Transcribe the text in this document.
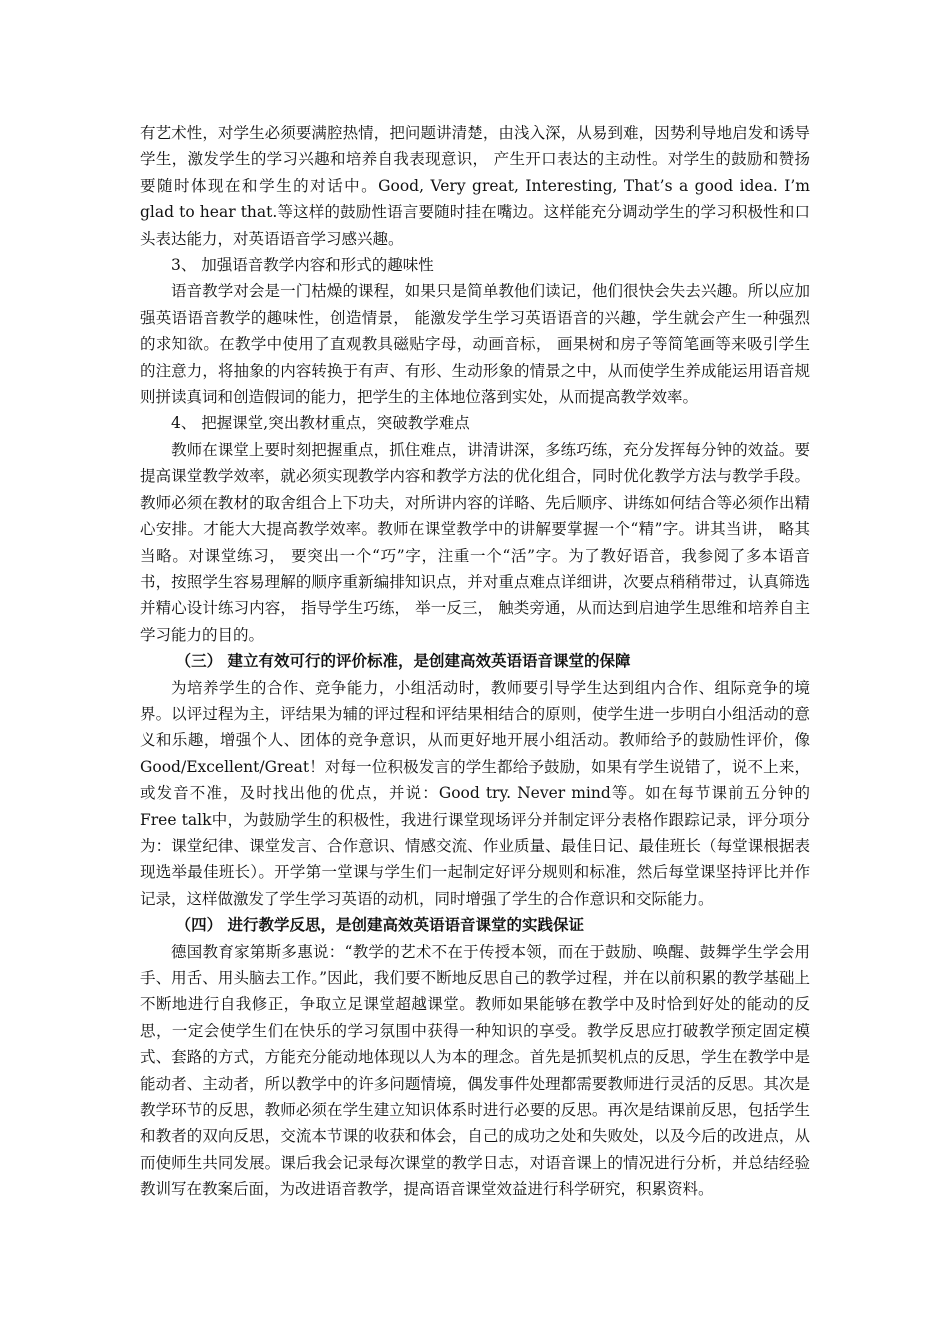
有艺术性，对学生必须要满腔热情，把问题讲清楚，由浅入深，从易到难，因势利导地启发和诱导学生，激发学生的学习兴趣和培养自我表现意识， 产生开口表达的主动性。对学生的鼓励和赞扬要随时体现在和学生的对话中。Good, Very great, Interesting, That’s a good idea. I’m glad to hear that.等这样的鼓励性语言要随时挂在嘴边。这样能充分调动学生的学习积极性和口头表达能力，对英语语音学习感兴趣。

3、 加强语音教学内容和形式的趣味性

语音教学对会是一门枯燥的课程，如果只是简单教他们读记，他们很快会失去兴趣。所以应加强英语语音教学的趣味性，创造情景， 能激发学生学习英语语音的兴趣，学生就会产生一种强烈的求知欲。在教学中使用了直观教具磁贴字母，动画音标， 画果树和房子等简笔画等来吸引学生的注意力，将抽象的内容转换于有声、有形、生动形象的情景之中，从而使学生养成能运用语音规则拼读真词和创造假词的能力，把学生的主体地位落到实处，从而提高教学效率。

4、 把握课堂,突出教材重点，突破教学难点

教师在课堂上要时刻把握重点，抓住难点，讲清讲深，多练巧练，充分发挥每分钟的效益。要提高课堂教学效率，就必须实现教学内容和教学方法的优化组合，同时优化教学方法与教学手段。教师必须在教材的取舍组合上下功夫，对所讲内容的详略、先后顺序、讲练如何结合等必须作出精心安排。才能大大提高教学效率。教师在课堂教学中的讲解要掌握一个“精”字。讲其当讲， 略其当略。对课堂练习， 要突出一个“巧”字，注重一个“活”字。为了教好语音，我参阅了多本语音书，按照学生容易理解的顺序重新编排知识点，并对重点难点详细讲，次要点稍稍带过，认真筛选并精心设计练习内容， 指导学生巧练， 举一反三， 触类旁通，从而达到启迪学生思维和培养自主学习能力的目的。

（三） 建立有效可行的评价标准，是创建高效英语语音课堂的保障

为培养学生的合作、竞争能力，小组活动时，教师要引导学生达到组内合作、组际竞争的境界。以评过程为主，评结果为辅的评过程和评结果相结合的原则，使学生进一步明白小组活动的意义和乐趣，增强个人、团体的竞争意识，从而更好地开展小组活动。教师给予的鼓励性评价，像Good/Excellent/Great！对每一位积极发言的学生都给予鼓励，如果有学生说错了，说不上来，或发音不准，及时找出他的优点，并说：Good try. Never mind等。如在每节课前五分钟的Free talk中，为鼓励学生的积极性，我进行课堂现场评分并制定评分表格作跟踪记录，评分项分为：课堂纪律、课堂发言、合作意识、情感交流、作业质量、最佳日记、最佳班长（每堂课根据表现选举最佳班长）。开学第一堂课与学生们一起制定好评分规则和标准，然后每堂课坚持评比并作记录，这样做激发了学生学习英语的动机，同时增强了学生的合作意识和交际能力。

（四） 进行教学反思，是创建高效英语语音课堂的实践保证

德国教育家第斯多惠说：“教学的艺术不在于传授本领，而在于鼓励、唤醒、鼓舞学生学会用手、用舌、用头脑去工作。”因此，我们要不断地反思自己的教学过程，并在以前积累的教学基础上不断地进行自我修正，争取立足课堂超越课堂。教师如果能够在教学中及时恰到好处的能动的反思，一定会使学生们在快乐的学习氛围中获得一种知识的享受。教学反思应打破教学预定固定模式、套路的方式，方能充分能动地体现以人为本的理念。首先是抓契机点的反思，学生在教学中是能动者、主动者，所以教学中的许多问题情境，偶发事件处理都需要教师进行灵活的反思。其次是教学环节的反思，教师必须在学生建立知识体系时进行必要的反思。再次是结课前反思，包括学生和教者的双向反思，交流本节课的收获和体会，自己的成功之处和失败处，以及今后的改进点，从而使师生共同发展。课后我会记录每次课堂的教学日志，对语音课上的情况进行分析，并总结经验教训写在教案后面，为改进语音教学，提高语音课堂效益进行科学研究，积累资料。
